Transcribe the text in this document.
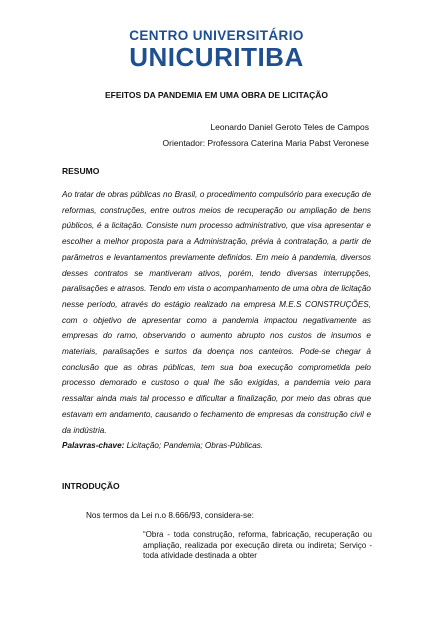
CENTRO UNIVERSITÁRIO
UNICURITIBA
EFEITOS DA PANDEMIA EM UMA OBRA DE LICITAÇÃO
Leonardo Daniel Geroto Teles de Campos
Orientador: Professora Caterina Maria Pabst Veronese
RESUMO

Ao tratar de obras públicas no Brasil, o procedimento compulsório para execução de reformas, construções, entre outros meios de recuperação ou ampliação de bens públicos, é a licitação. Consiste num processo administrativo, que visa apresentar e escolher a melhor proposta para a Administração, prévia à contratação, a partir de parâmetros e levantamentos previamente definidos. Em meio à pandemia, diversos desses contratos se mantiveram ativos, porém, tendo diversas interrupções, paralisações e atrasos. Tendo em vista o acompanhamento de uma obra de licitação nesse período, através do estágio realizado na empresa M.E.S CONSTRUÇÕES, com o objetivo de apresentar como a pandemia impactou negativamente as empresas do ramo, observando o aumento abrupto nos custos de insumos e materiais, paralisações e surtos da doença nos canteiros. Pode-se chegar à conclusão que as obras públicas, tem sua boa execução comprometida pelo processo demorado e custoso o qual lhe são exigidas, a pandemia veio para ressaltar ainda mais tal processo e dificultar a finalização, por meio das obras que estavam em andamento, causando o fechamento de empresas da construção civil e da indústria.

Palavras-chave: Licitação; Pandemia; Obras-Públicas.
INTRODUÇÃO
Nos termos da Lei n.o 8.666/93, considera-se:

“Obra - toda construção, reforma, fabricação, recuperação ou ampliação, realizada por execução direta ou indireta; Serviço - toda atividade destinada a obter
